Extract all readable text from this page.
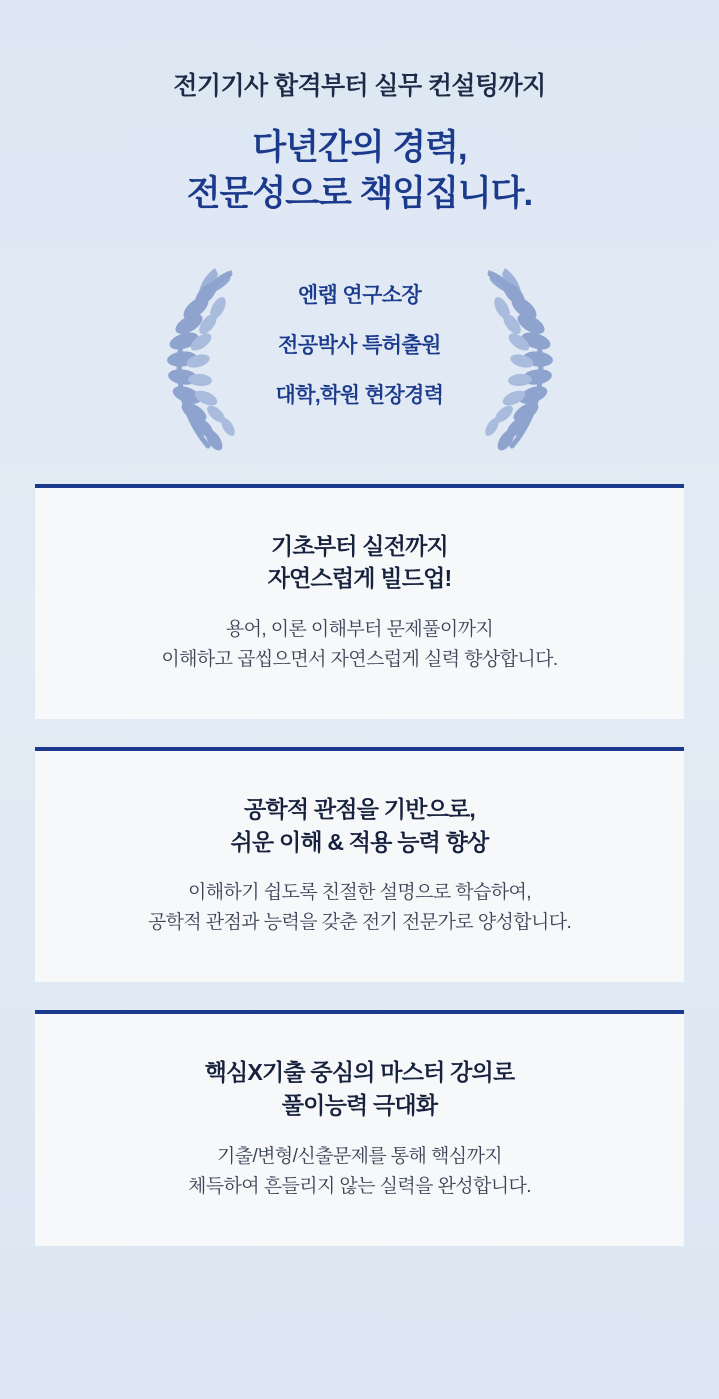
전기기사 합격부터 실무 컨설팅까지
다년간의 경력,
전문성으로 책임집니다.
엔랩 연구소장
전공박사 특허출원
대학,학원 현장경력
기초부터 실전까지
자연스럽게 빌드업!
용어, 이론 이해부터 문제풀이까지
이해하고 곱씹으면서 자연스럽게 실력 향상합니다.
공학적 관점을 기반으로,
쉬운 이해 & 적용 능력 향상
이해하기 쉽도록 친절한 설명으로 학습하여,
공학적 관점과 능력을 갖춘 전기 전문가로 양성합니다.
핵심X기출 중심의 마스터 강의로
풀이능력 극대화
기출/변형/신출문제를 통해 핵심까지
체득하여 흔들리지 않는 실력을 완성합니다.
